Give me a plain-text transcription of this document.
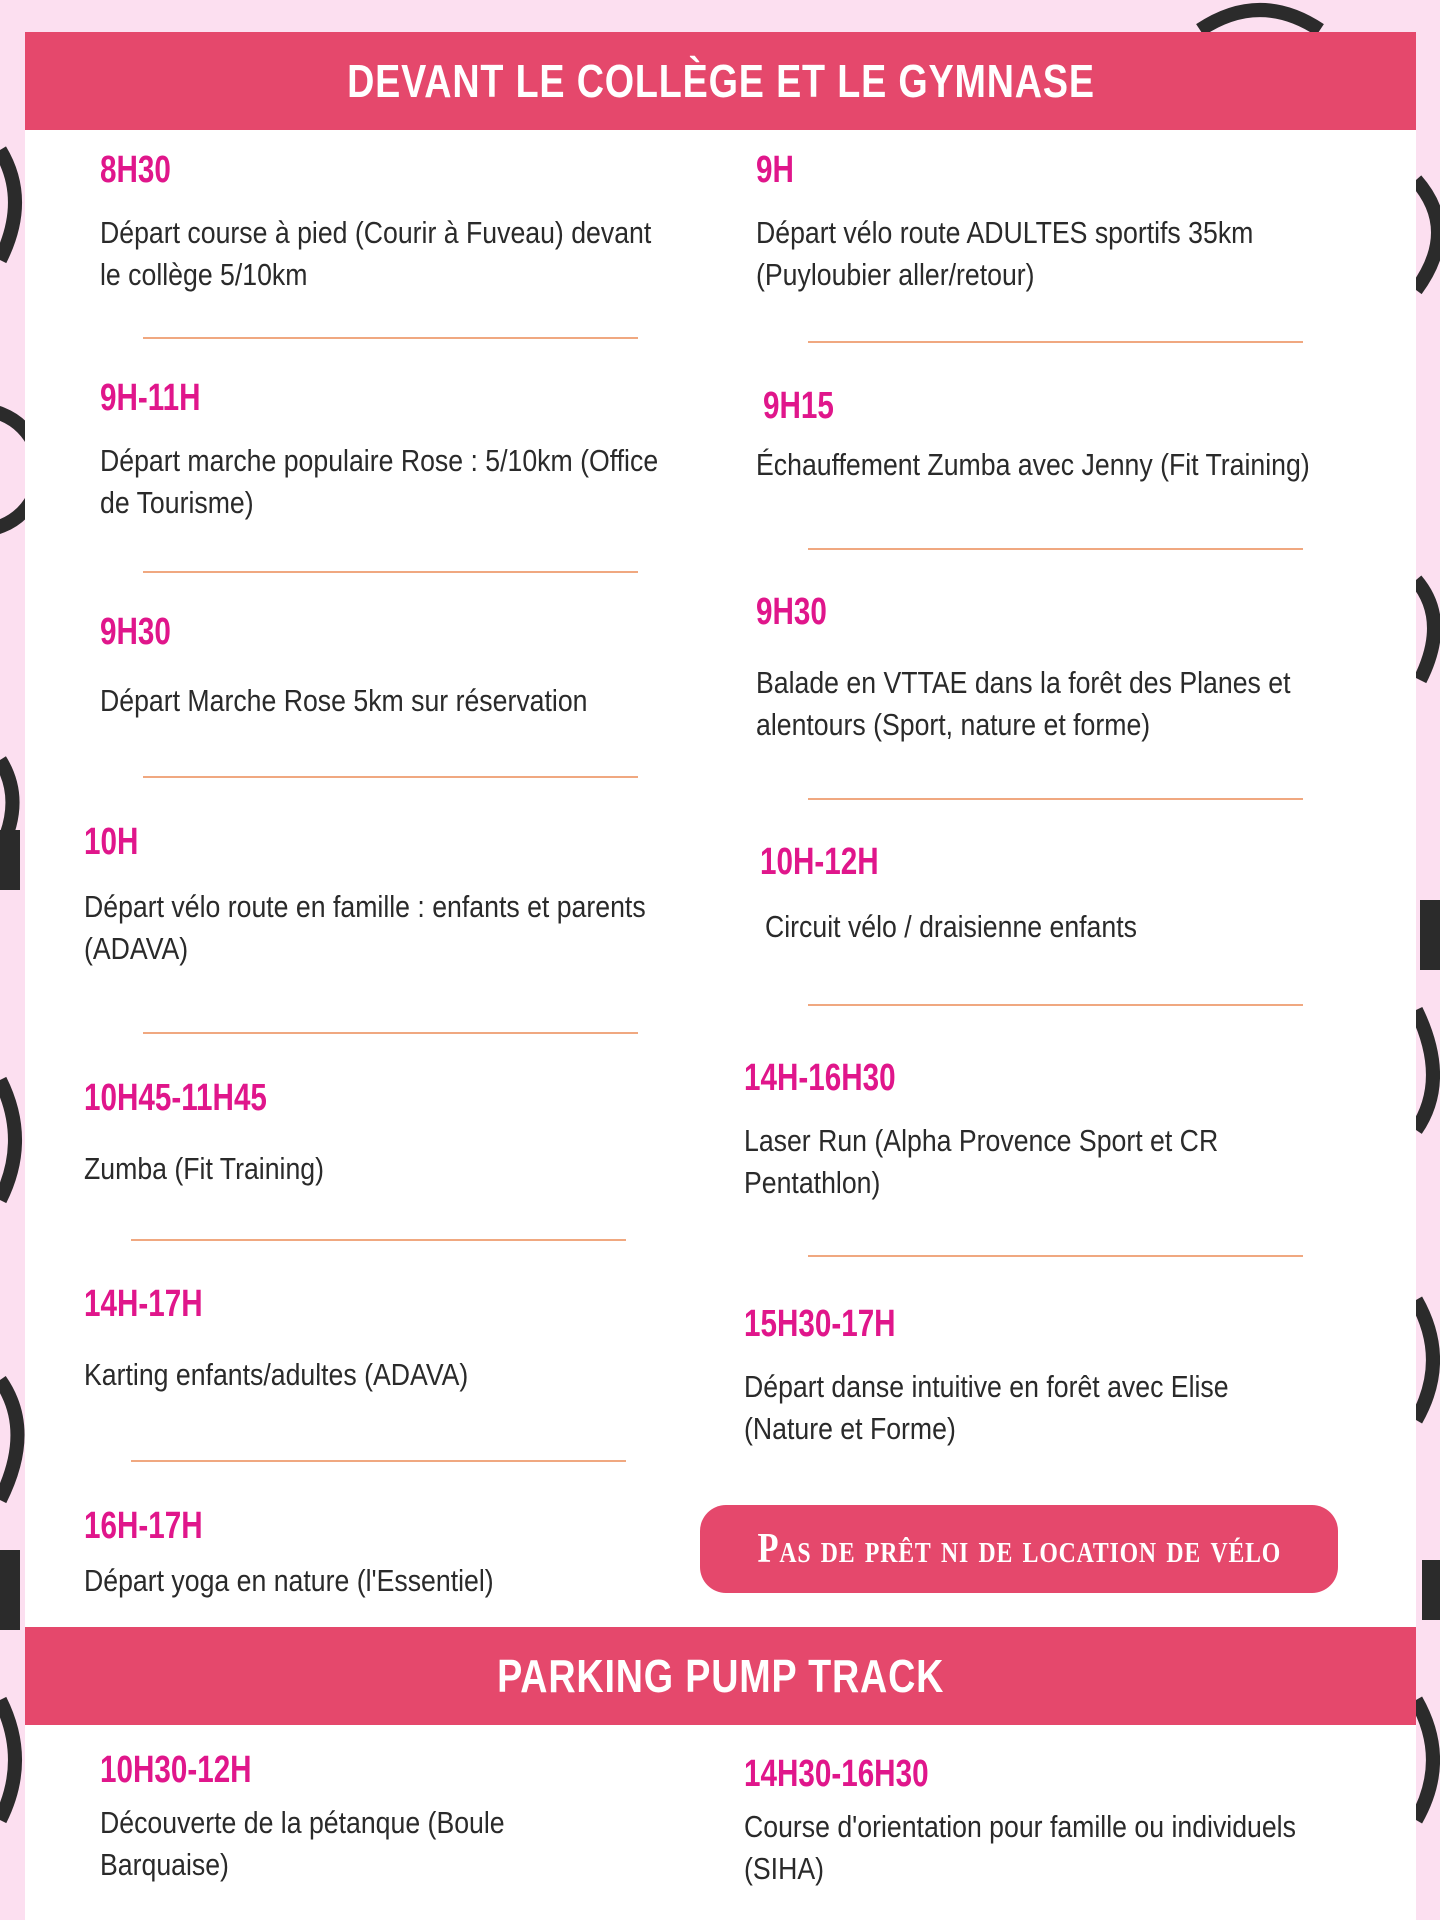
DEVANT LE COLLÈGE ET LE GYMNASE
8H30
Départ course à pied (Courir à Fuveau) devant
le collège 5/10km
9H-11H
Départ marche populaire Rose : 5/10km (Office
de Tourisme)
9H30
Départ Marche Rose 5km sur réservation
10H
Départ vélo route en famille : enfants et parents
(ADAVA)
10H45-11H45
Zumba (Fit Training)
14H-17H
Karting enfants/adultes (ADAVA)
16H-17H
Départ yoga en nature (l'Essentiel)
9H
Départ vélo route ADULTES sportifs 35km
(Puyloubier aller/retour)
9H15
Échauffement Zumba avec Jenny (Fit Training)
9H30
Balade en VTTAE dans la forêt des Planes et
alentours (Sport, nature et forme)
10H-12H
Circuit vélo / draisienne enfants
14H-16H30
Laser Run (Alpha Provence Sport et CR
Pentathlon)
15H30-17H
Départ danse intuitive en forêt avec Elise
(Nature et Forme)
Pas de prêt ni de location de vélo
PARKING PUMP TRACK
10H30-12H
Découverte de la pétanque (Boule
Barquaise)
14H30-16H30
Course d'orientation pour famille ou individuels
(SIHA)
